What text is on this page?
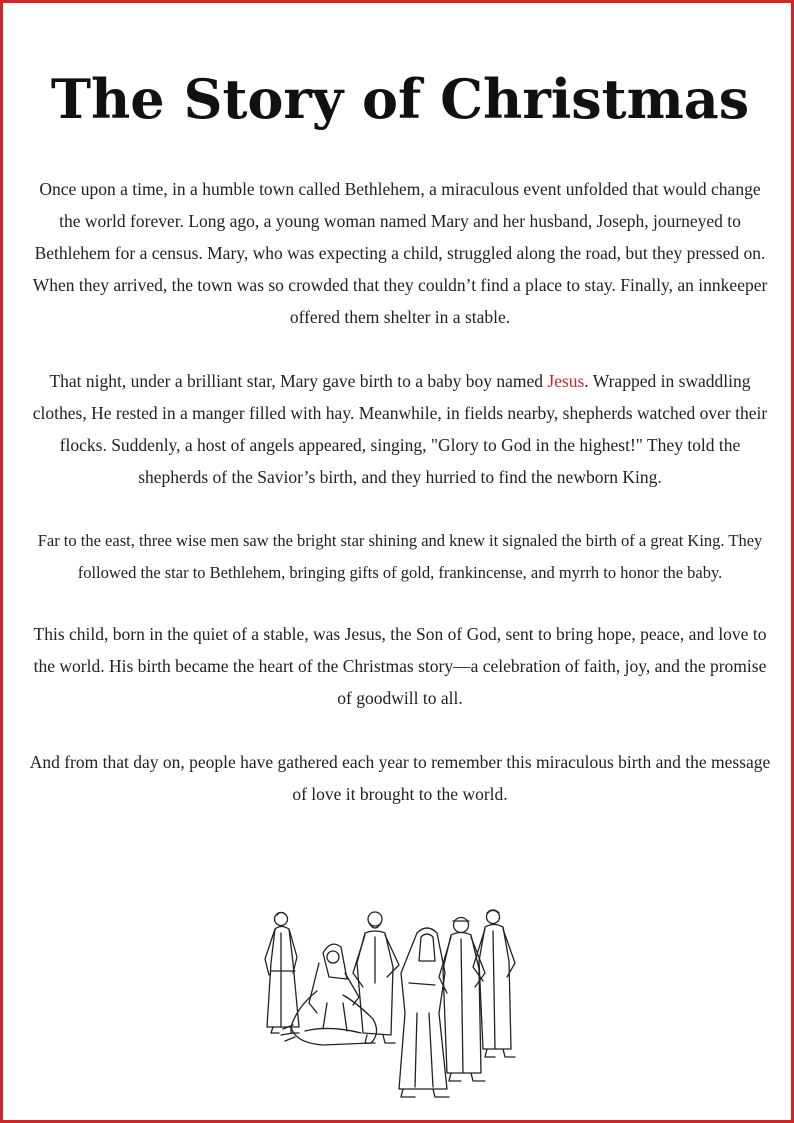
The Story of Christmas

Once upon a time, in a humble town called Bethlehem, a miraculous event unfolded that would change the world forever. Long ago, a young woman named Mary and her husband, Joseph, journeyed to Bethlehem for a census. Mary, who was expecting a child, struggled along the road, but they pressed on. When they arrived, the town was so crowded that they couldn’t find a place to stay. Finally, an innkeeper offered them shelter in a stable.

That night, under a brilliant star, Mary gave birth to a baby boy named Jesus. Wrapped in swaddling clothes, He rested in a manger filled with hay. Meanwhile, in fields nearby, shepherds watched over their flocks. Suddenly, a host of angels appeared, singing, "Glory to God in the highest!" They told the shepherds of the Savior’s birth, and they hurried to find the newborn King.

Far to the east, three wise men saw the bright star shining and knew it signaled the birth of a great King. They followed the star to Bethlehem, bringing gifts of gold, frankincense, and myrrh to honor the baby.

This child, born in the quiet of a stable, was Jesus, the Son of God, sent to bring hope, peace, and love to the world. His birth became the heart of the Christmas story—a celebration of faith, joy, and the promise of goodwill to all.

And from that day on, people have gathered each year to remember this miraculous birth and the message of love it brought to the world.
